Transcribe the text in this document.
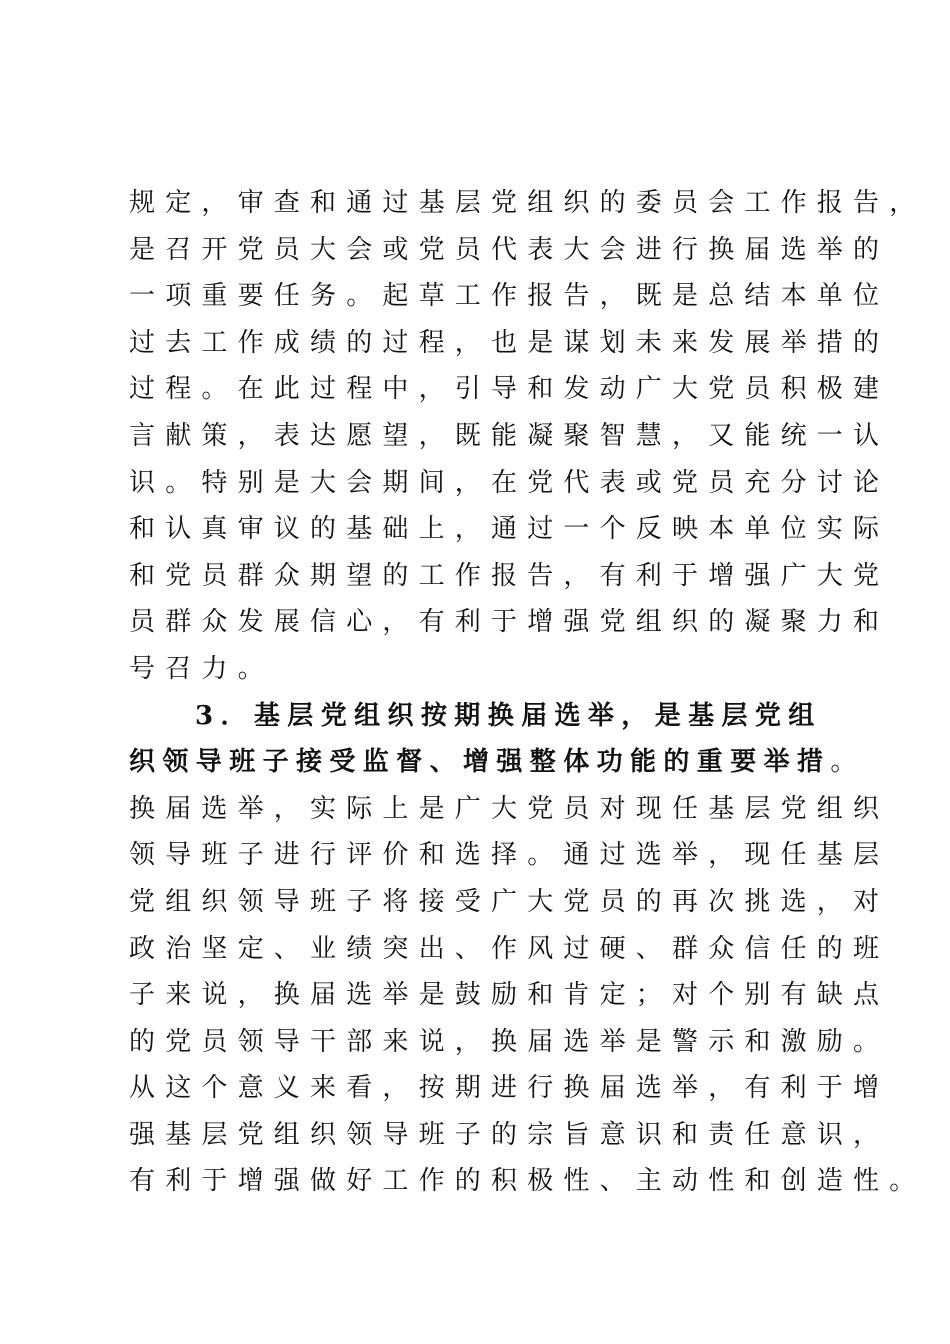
规定，审查和通过基层党组织的委员会工作报告，
是召开党员大会或党员代表大会进行换届选举的
一项重要任务。起草工作报告，既是总结本单位
过去工作成绩的过程，也是谋划未来发展举措的
过程。在此过程中，引导和发动广大党员积极建
言献策，表达愿望，既能凝聚智慧，又能统一认
识。特别是大会期间，在党代表或党员充分讨论
和认真审议的基础上，通过一个反映本单位实际
和党员群众期望的工作报告，有利于增强广大党
员群众发展信心，有利于增强党组织的凝聚力和
号召力。
3．基层党组织按期换届选举，是基层党组
织领导班子接受监督、增强整体功能的重要举措。
换届选举，实际上是广大党员对现任基层党组织
领导班子进行评价和选择。通过选举，现任基层
党组织领导班子将接受广大党员的再次挑选，对
政治坚定、业绩突出、作风过硬、群众信任的班
子来说，换届选举是鼓励和肯定；对个别有缺点
的党员领导干部来说，换届选举是警示和激励。
从这个意义来看，按期进行换届选举，有利于增
强基层党组织领导班子的宗旨意识和责任意识，
有利于增强做好工作的积极性、主动性和创造性。
